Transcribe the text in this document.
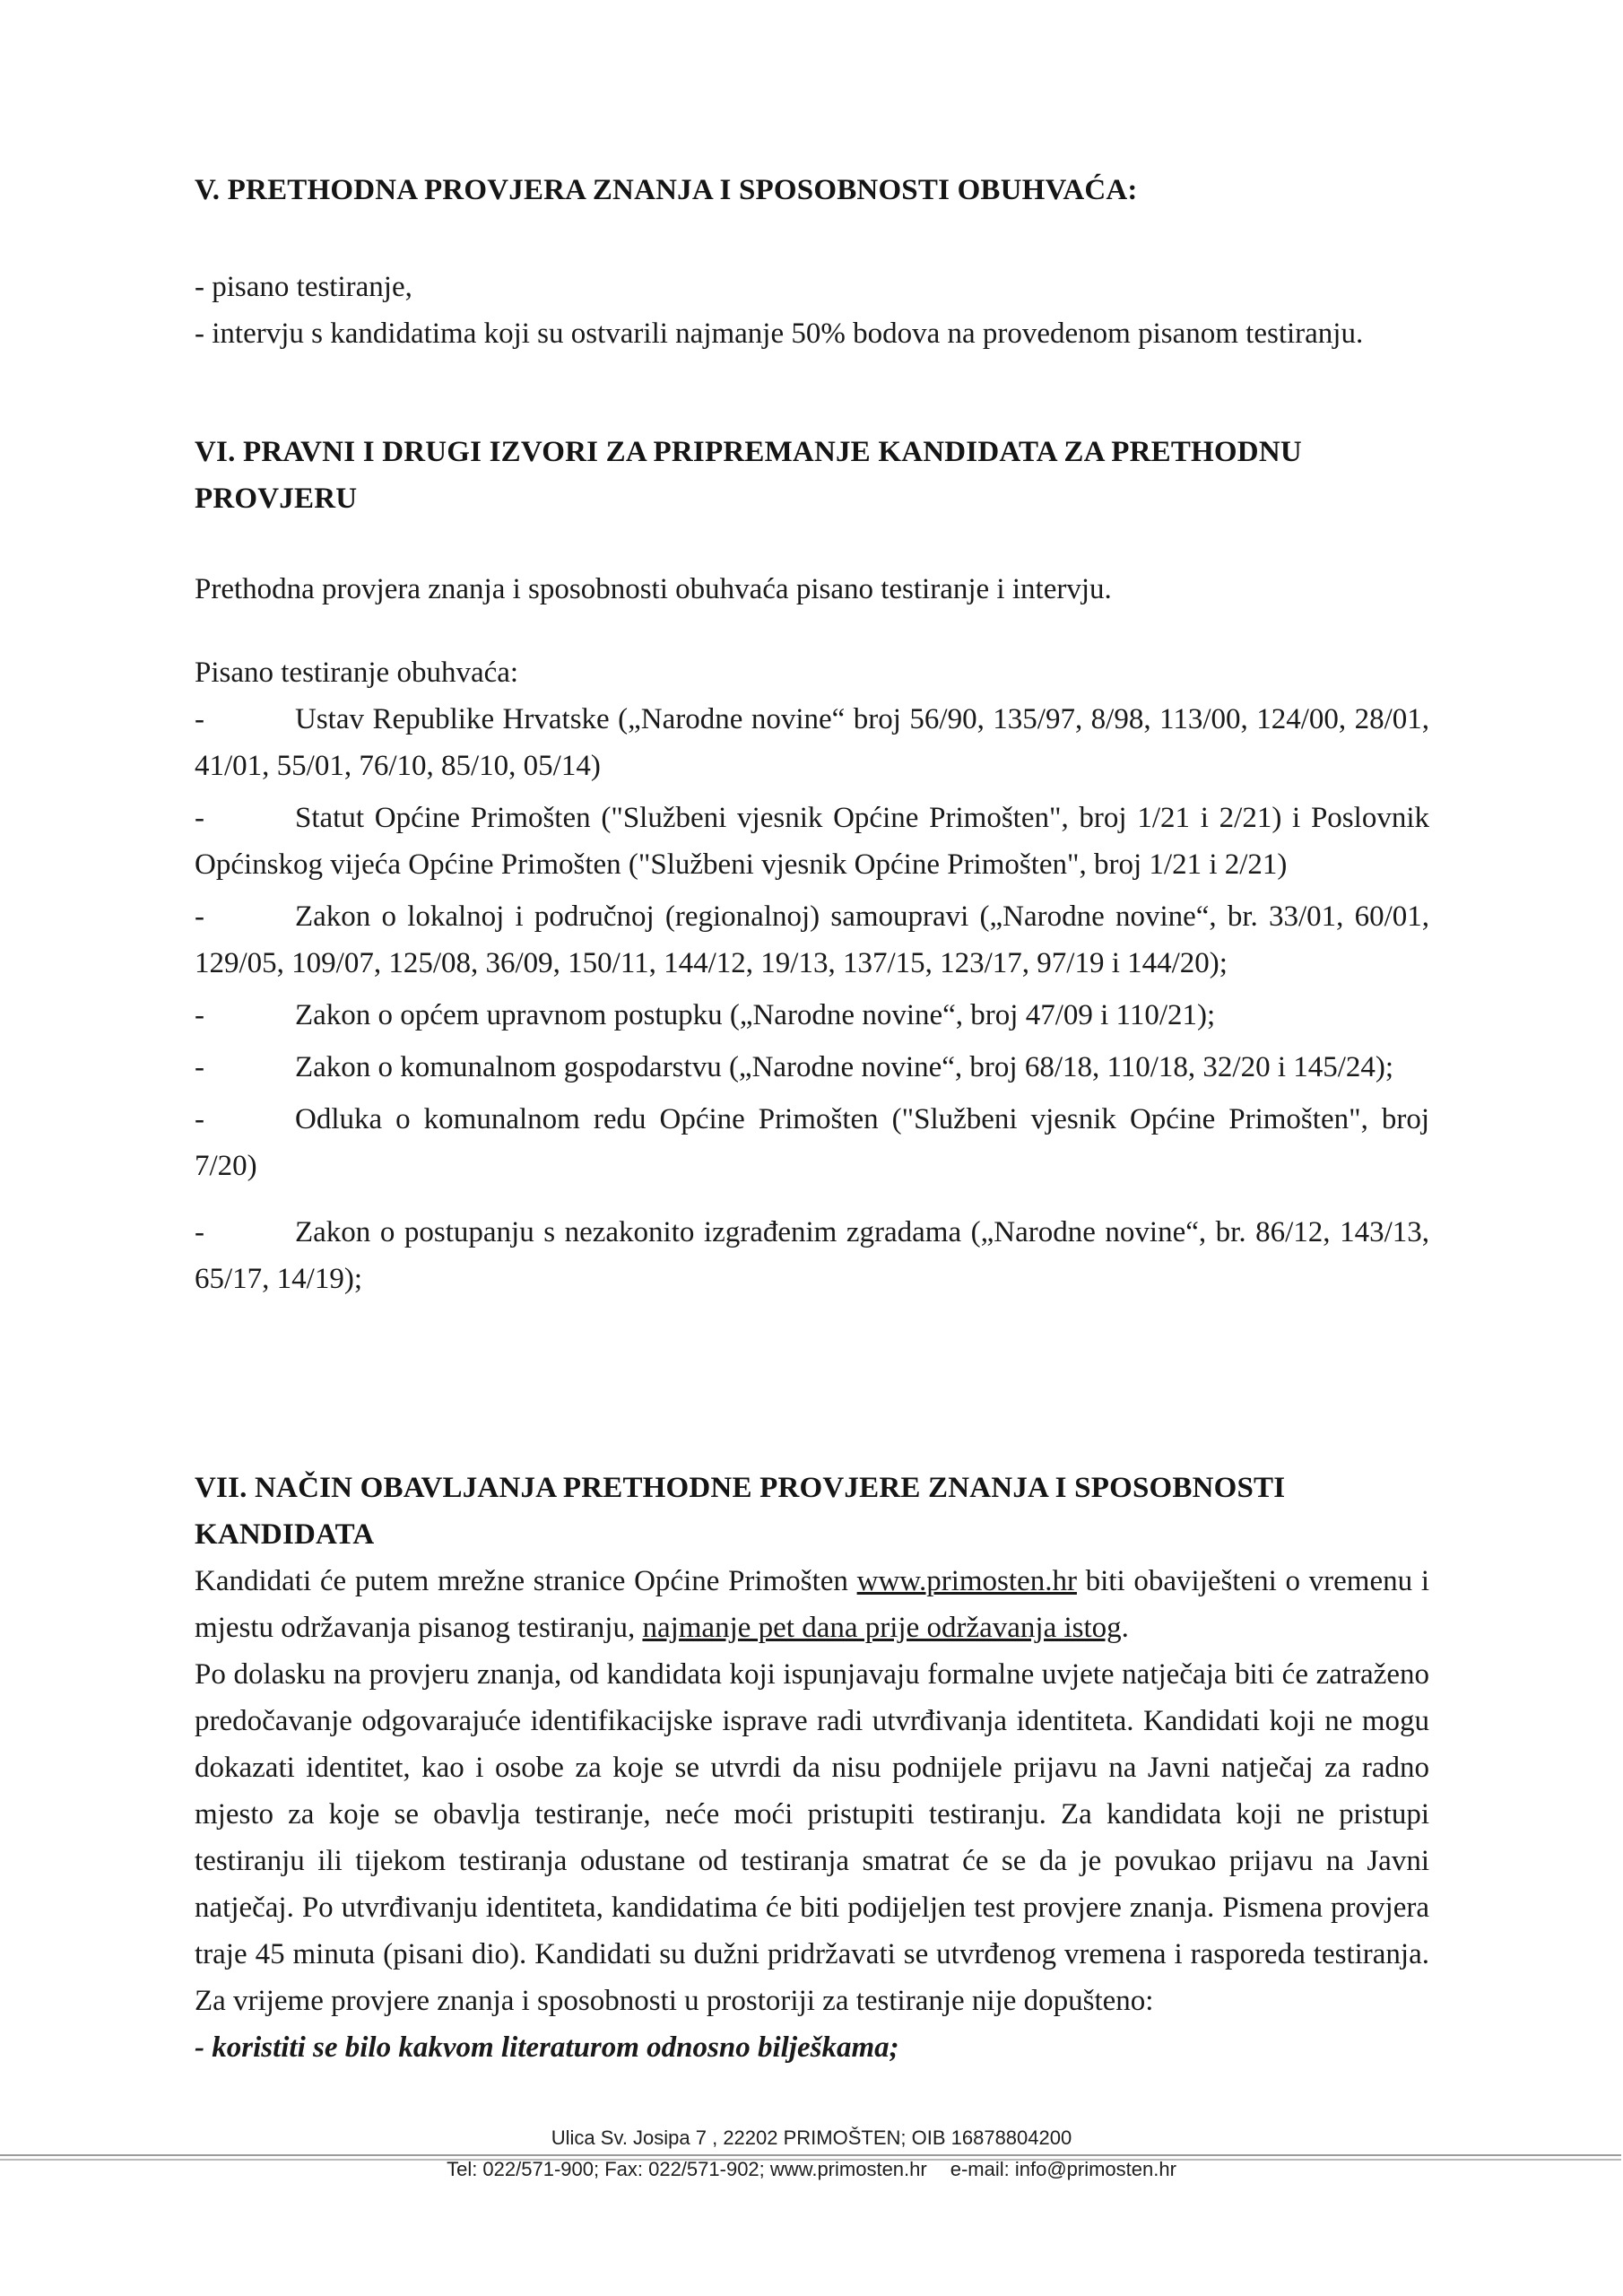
V. PRETHODNA PROVJERA ZNANJA I SPOSOBNOSTI OBUHVAĆA:

- pisano testiranje,

- intervju s kandidatima koji su ostvarili najmanje 50% bodova na provedenom pisanom testiranju.

VI. PRAVNI I DRUGI IZVORI ZA PRIPREMANJE KANDIDATA ZA PRETHODNU PROVJERU

Prethodna provjera znanja i sposobnosti obuhvaća pisano testiranje i intervju.

Pisano testiranje obuhvaća:

-	Ustav Republike Hrvatske („Narodne novine“ broj 56/90, 135/97, 8/98, 113/00, 124/00, 28/01, 41/01, 55/01, 76/10, 85/10, 05/14)

-	Statut Općine Primošten ("Službeni vjesnik Općine Primošten", broj 1/21 i 2/21) i Poslovnik Općinskog vijeća Općine Primošten ("Službeni vjesnik Općine Primošten", broj 1/21 i 2/21)

-	Zakon o lokalnoj i područnoj (regionalnoj) samoupravi („Narodne novine“, br. 33/01, 60/01, 129/05, 109/07, 125/08, 36/09, 150/11, 144/12, 19/13, 137/15, 123/17, 97/19 i 144/20);

-	Zakon o općem upravnom postupku („Narodne novine“, broj 47/09 i 110/21);

-	Zakon o komunalnom gospodarstvu („Narodne novine“, broj 68/18, 110/18, 32/20 i 145/24);

-	Odluka o komunalnom redu Općine Primošten ("Službeni vjesnik Općine Primošten", broj 7/20)

-	Zakon o postupanju s nezakonito izgrađenim zgradama („Narodne novine“, br. 86/12, 143/13, 65/17, 14/19);

VII. NAČIN OBAVLJANJA PRETHODNE PROVJERE ZNANJA I SPOSOBNOSTI KANDIDATA

Kandidati će putem mrežne stranice Općine Primošten www.primosten.hr biti obaviješteni o vremenu i mjestu održavanja pisanog testiranju, najmanje pet dana prije održavanja istog.

Po dolasku na provjeru znanja, od kandidata koji ispunjavaju formalne uvjete natječaja biti će zatraženo predočavanje odgovarajuće identifikacijske isprave radi utvrđivanja identiteta. Kandidati koji ne mogu dokazati identitet, kao i osobe za koje se utvrdi da nisu podnijele prijavu na Javni natječaj za radno mjesto za koje se obavlja testiranje, neće moći pristupiti testiranju. Za kandidata koji ne pristupi testiranju ili tijekom testiranja odustane od testiranja smatrat će se da je povukao prijavu na Javni natječaj. Po utvrđivanju identiteta, kandidatima će biti podijeljen test provjere znanja. Pismena provjera traje 45 minuta (pisani dio). Kandidati su dužni pridržavati se utvrđenog vremena i rasporeda testiranja. Za vrijeme provjere znanja i sposobnosti u prostoriji za testiranje nije dopušteno:

- koristiti se bilo kakvom literaturom odnosno bilješkama;

Ulica Sv. Josipa 7 , 22202 PRIMOŠTEN; OIB 16878804200
Tel: 022/571-900; Fax: 022/571-902; www.primosten.hr e-mail: info@primosten.hr
